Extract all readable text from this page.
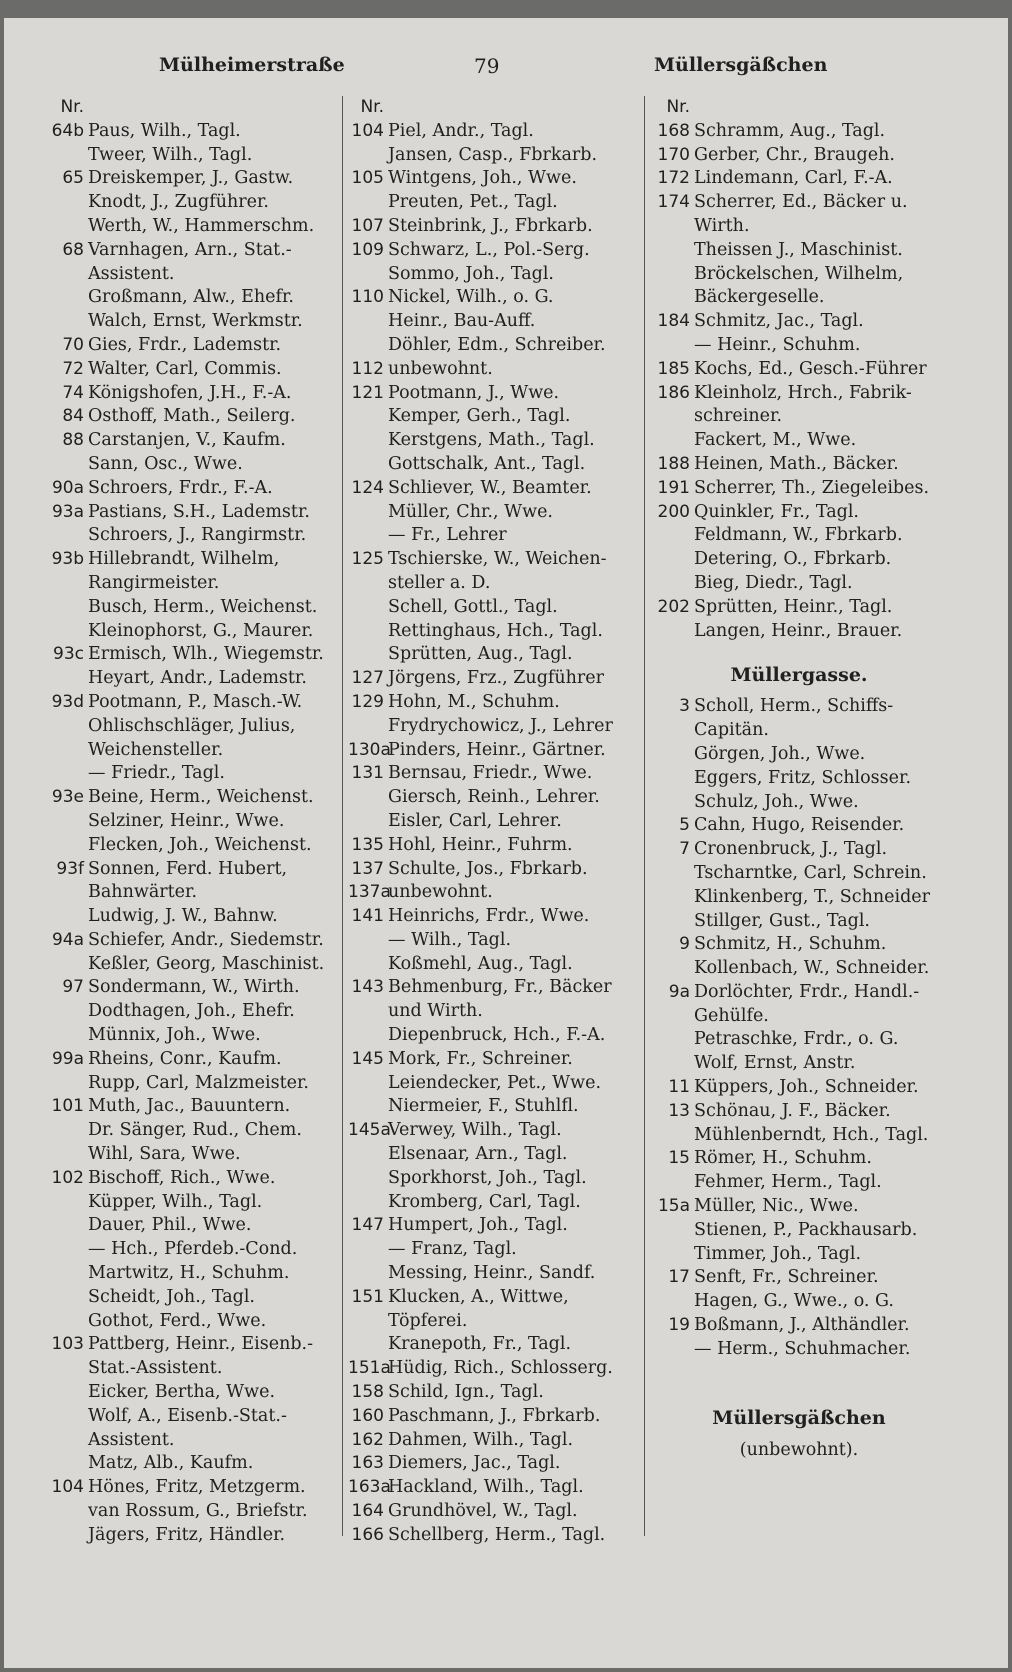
Mülheimerstraße	79	Müllersgäßchen
Nr.
64b Paus, Wilh., Tagl.
Tweer, Wilh., Tagl.
65 Dreiskemper, J., Gastw.
Knodt, J., Zugführer.
Werth, W., Hammerschm.
68 Varnhagen, Arn., Stat.-
Assistent.
Großmann, Alw., Ehefr.
Walch, Ernst, Werkmstr.
70 Gies, Frdr., Lademstr.
72 Walter, Carl, Commis.
74 Königshofen, J.H., F.-A.
84 Osthoff, Math., Seilerg.
88 Carstanjen, V., Kaufm.
Sann, Osc., Wwe.
90a Schroers, Frdr., F.-A.
93a Pastians, S.H., Lademstr.
Schroers, J., Rangirmstr.
93b Hillebrandt, Wilhelm,
Rangirmeister.
Busch, Herm., Weichenst.
Kleinophorst, G., Maurer.
93c Ermisch, Wlh., Wiegemstr.
Heyart, Andr., Lademstr.
93d Pootmann, P., Masch.-W.
Ohlischschläger, Julius,
Weichensteller.
— Friedr., Tagl.
93e Beine, Herm., Weichenst.
Selziner, Heinr., Wwe.
Flecken, Joh., Weichenst.
93f Sonnen, Ferd. Hubert,
Bahnwärter.
Ludwig, J. W., Bahnw.
94a Schiefer, Andr., Siedemstr.
Keßler, Georg, Maschinist.
97 Sondermann, W., Wirth.
Dodthagen, Joh., Ehefr.
Münnix, Joh., Wwe.
99a Rheins, Conr., Kaufm.
Rupp, Carl, Malzmeister.
101 Muth, Jac., Bauuntern.
Dr. Sänger, Rud., Chem.
Wihl, Sara, Wwe.
102 Bischoff, Rich., Wwe.
Küpper, Wilh., Tagl.
Dauer, Phil., Wwe.
— Hch., Pferdeb.-Cond.
Martwitz, H., Schuhm.
Scheidt, Joh., Tagl.
Gothot, Ferd., Wwe.
103 Pattberg, Heinr., Eisenb.-
Stat.-Assistent.
Eicker, Bertha, Wwe.
Wolf, A., Eisenb.-Stat.-
Assistent.
Matz, Alb., Kaufm.
104 Hönes, Fritz, Metzgerm.
van Rossum, G., Briefstr.
Jägers, Fritz, Händler.
Nr.
104 Piel, Andr., Tagl.
Jansen, Casp., Fbrkarb.
105 Wintgens, Joh., Wwe.
Preuten, Pet., Tagl.
107 Steinbrink, J., Fbrkarb.
109 Schwarz, L., Pol.-Serg.
Sommo, Joh., Tagl.
110 Nickel, Wilh., o. G.
Heinr., Bau-Auff.
Döhler, Edm., Schreiber.
112 unbewohnt.
121 Pootmann, J., Wwe.
Kemper, Gerh., Tagl.
Kerstgens, Math., Tagl.
Gottschalk, Ant., Tagl.
124 Schliever, W., Beamter.
Müller, Chr., Wwe.
— Fr., Lehrer
125 Tschierske, W., Weichen-
steller a. D.
Schell, Gottl., Tagl.
Rettinghaus, Hch., Tagl.
Sprütten, Aug., Tagl.
127 Jörgens, Frz., Zugführer
129 Hohn, M., Schuhm.
Frydrychowicz, J., Lehrer
130aPinders, Heinr., Gärtner.
131 Bernsau, Friedr., Wwe.
Giersch, Reinh., Lehrer.
Eisler, Carl, Lehrer.
135 Hohl, Heinr., Fuhrm.
137 Schulte, Jos., Fbrkarb.
137aunbewohnt.
141 Heinrichs, Frdr., Wwe.
— Wilh., Tagl.
Koßmehl, Aug., Tagl.
143 Behmenburg, Fr., Bäcker
und Wirth.
Diepenbruck, Hch., F.-A.
145 Mork, Fr., Schreiner.
Leiendecker, Pet., Wwe.
Niermeier, F., Stuhlfl.
145aVerwey, Wilh., Tagl.
Elsenaar, Arn., Tagl.
Sporkhorst, Joh., Tagl.
Kromberg, Carl, Tagl.
147 Humpert, Joh., Tagl.
— Franz, Tagl.
Messing, Heinr., Sandf.
151 Klucken, A., Wittwe,
Töpferei.
Kranepoth, Fr., Tagl.
151aHüdig, Rich., Schlosserg.
158 Schild, Ign., Tagl.
160 Paschmann, J., Fbrkarb.
162 Dahmen, Wilh., Tagl.
163 Diemers, Jac., Tagl.
163aHackland, Wilh., Tagl.
164 Grundhövel, W., Tagl.
166 Schellberg, Herm., Tagl.
Nr.
168 Schramm, Aug., Tagl.
170 Gerber, Chr., Braugeh.
172 Lindemann, Carl, F.-A.
174 Scherrer, Ed., Bäcker u.
Wirth.
Theissen J., Maschinist.
Bröckelschen, Wilhelm,
Bäckergeselle.
184 Schmitz, Jac., Tagl.
— Heinr., Schuhm.
185 Kochs, Ed., Gesch.-Führer
186 Kleinholz, Hrch., Fabrik-
schreiner.
Fackert, M., Wwe.
188 Heinen, Math., Bäcker.
191 Scherrer, Th., Ziegeleibes.
200 Quinkler, Fr., Tagl.
Feldmann, W., Fbrkarb.
Detering, O., Fbrkarb.
Bieg, Diedr., Tagl.
202 Sprütten, Heinr., Tagl.
Langen, Heinr., Brauer.
Müllergasse.
3 Scholl, Herm., Schiffs-
Capitän.
Görgen, Joh., Wwe.
Eggers, Fritz, Schlosser.
Schulz, Joh., Wwe.
5 Cahn, Hugo, Reisender.
7 Cronenbruck, J., Tagl.
Tscharntke, Carl, Schrein.
Klinkenberg, T., Schneider
Stillger, Gust., Tagl.
9 Schmitz, H., Schuhm.
Kollenbach, W., Schneider.
9a Dorlöchter, Frdr., Handl.-
Gehülfe.
Petraschke, Frdr., o. G.
Wolf, Ernst, Anstr.
11 Küppers, Joh., Schneider.
13 Schönau, J. F., Bäcker.
Mühlenberndt, Hch., Tagl.
15 Römer, H., Schuhm.
Fehmer, Herm., Tagl.
15a Müller, Nic., Wwe.
Stienen, P., Packhausarb.
Timmer, Joh., Tagl.
17 Senft, Fr., Schreiner.
Hagen, G., Wwe., o. G.
19 Boßmann, J., Althändler.
— Herm., Schuhmacher.
Müllersgäßchen
(unbewohnt).
